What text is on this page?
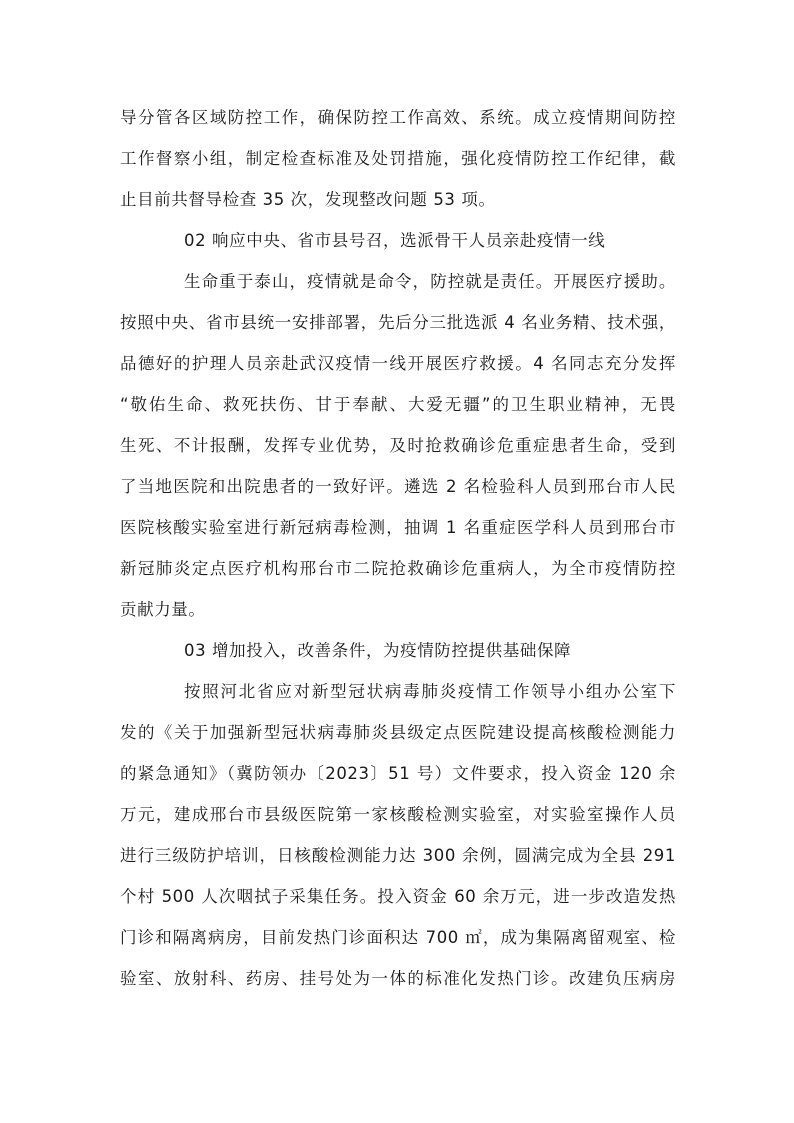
导分管各区域防控工作，确保防控工作高效、系统。成立疫情期间防控
工作督察小组，制定检查标准及处罚措施，强化疫情防控工作纪律，截
止目前共督导检查 35 次，发现整改问题 53 项。
02 响应中央、省市县号召，选派骨干人员亲赴疫情一线
生命重于泰山，疫情就是命令，防控就是责任。开展医疗援助。
按照中央、省市县统一安排部署，先后分三批选派 4 名业务精、技术强，
品德好的护理人员亲赴武汉疫情一线开展医疗救援。4 名同志充分发挥
“敬佑生命、救死扶伤、甘于奉献、大爱无疆”的卫生职业精神，无畏
生死、不计报酬，发挥专业优势，及时抢救确诊危重症患者生命，受到
了当地医院和出院患者的一致好评。遴选 2 名检验科人员到邢台市人民
医院核酸实验室进行新冠病毒检测，抽调 1 名重症医学科人员到邢台市
新冠肺炎定点医疗机构邢台市二院抢救确诊危重病人，为全市疫情防控
贡献力量。
03 增加投入，改善条件，为疫情防控提供基础保障
按照河北省应对新型冠状病毒肺炎疫情工作领导小组办公室下
发的《关于加强新型冠状病毒肺炎县级定点医院建设提高核酸检测能力
的紧急通知》（冀防领办〔2023〕51 号）文件要求，投入资金 120 余
万元，建成邢台市县级医院第一家核酸检测实验室，对实验室操作人员
进行三级防护培训，日核酸检测能力达 300 余例，圆满完成为全县 291
个村 500 人次咽拭子采集任务。投入资金 60 余万元，进一步改造发热
门诊和隔离病房，目前发热门诊面积达 700 ㎡，成为集隔离留观室、检
验室、放射科、药房、挂号处为一体的标准化发热门诊。改建负压病房
